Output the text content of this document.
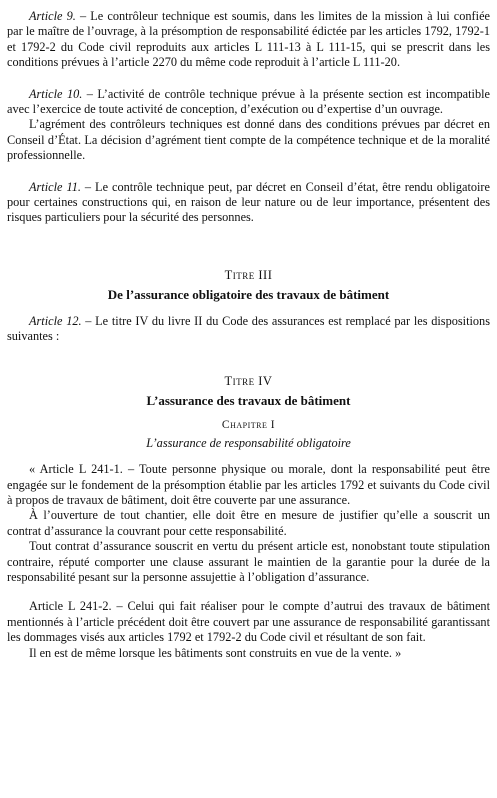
Article 9. – Le contrôleur technique est soumis, dans les limites de la mission à lui confiée par le maître de l’ouvrage, à la présomption de responsabilité édictée par les articles 1792, 1792-1 et 1792-2 du Code civil reproduits aux articles L 111-13 à L 111-15, qui se prescrit dans les conditions prévues à l’article 2270 du même code reproduit à l’article L 111-20.

Article 10. – L’activité de contrôle technique prévue à la présente section est incompatible avec l’exercice de toute activité de conception, d’exécution ou d’expertise d’un ouvrage.

L’agrément des contrôleurs techniques est donné dans des conditions prévues par décret en Conseil d’État. La décision d’agrément tient compte de la compétence technique et de la moralité professionnelle.

Article 11. – Le contrôle technique peut, par décret en Conseil d’état, être rendu obligatoire pour certaines constructions qui, en raison de leur nature ou de leur importance, présentent des risques particuliers pour la sécurité des personnes.

Titre III

De l’assurance obligatoire des travaux de bâtiment

Article 12. – Le titre IV du livre II du Code des assurances est remplacé par les dispositions suivantes :

Titre IV

L’assurance des travaux de bâtiment

Chapitre I

L’assurance de responsabilité obligatoire

« Article L 241-1. – Toute personne physique ou morale, dont la responsabilité peut être engagée sur le fondement de la présomption établie par les articles 1792 et suivants du Code civil à propos de travaux de bâtiment, doit être couverte par une assurance.

À l’ouverture de tout chantier, elle doit être en mesure de justifier qu’elle a souscrit un contrat d’assurance la couvrant pour cette responsabilité.

Tout contrat d’assurance souscrit en vertu du présent article est, nonobstant toute stipulation contraire, réputé comporter une clause assurant le maintien de la garantie pour la durée de la responsabilité pesant sur la personne assujettie à l’obligation d’assurance.

Article L 241-2. – Celui qui fait réaliser pour le compte d’autrui des travaux de bâtiment mentionnés à l’article précédent doit être couvert par une assurance de responsabilité garantissant les dommages visés aux articles 1792 et 1792-2 du Code civil et résultant de son fait.

Il en est de même lorsque les bâtiments sont construits en vue de la vente. »
